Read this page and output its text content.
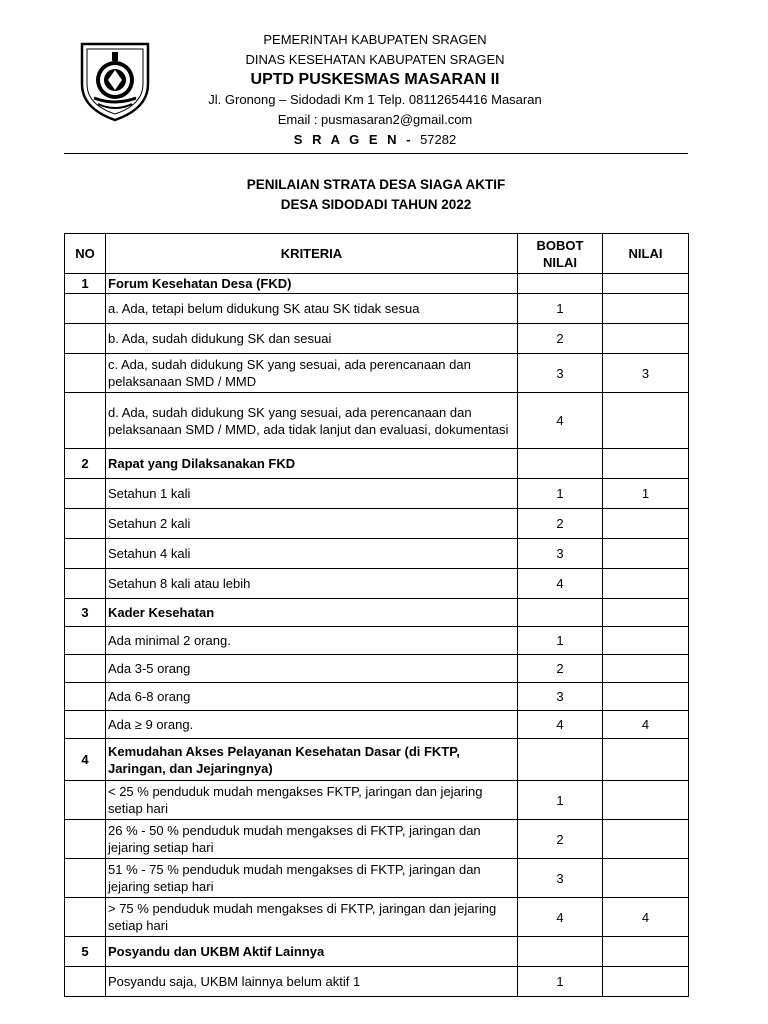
PEMERINTAH KABUPATEN SRAGEN
DINAS KESEHATAN KABUPATEN SRAGEN
UPTD PUSKESMAS MASARAN II
Jl. Gronong – Sidodadi Km 1 Telp. 08112654416 Masaran
Email : pusmasaran2@gmail.com
S R A G E N - 57282
PENILAIAN STRATA DESA SIAGA AKTIF
DESA SIDODADI TAHUN 2022
NO	KRITERIA	BOBOT NILAI	NILAI
1	Forum Kesehatan Desa (FKD)		
	a. Ada, tetapi belum didukung SK atau SK tidak sesua	1	
	b. Ada, sudah didukung SK dan sesuai	2	
	c. Ada, sudah didukung SK yang sesuai, ada perencanaan dan pelaksanaan SMD / MMD	3	3
	d. Ada, sudah didukung SK yang sesuai, ada perencanaan dan pelaksanaan SMD / MMD, ada tidak lanjut dan evaluasi, dokumentasi	4	
2	Rapat yang Dilaksanakan FKD		
	Setahun 1 kali	1	1
	Setahun 2 kali	2	
	Setahun 4 kali	3	
	Setahun 8 kali atau lebih	4	
3	Kader Kesehatan		
	Ada minimal 2 orang.	1	
	Ada 3-5 orang	2	
	Ada 6-8 orang	3	
	Ada ≥ 9 orang.	4	4
4	Kemudahan Akses Pelayanan Kesehatan Dasar (di FKTP, Jaringan, dan Jejaringnya)		
	< 25 % penduduk mudah mengakses FKTP, jaringan dan jejaring setiap hari	1	
	26 % - 50 % penduduk mudah mengakses di FKTP, jaringan dan jejaring setiap hari	2	
	51 % - 75 % penduduk mudah mengakses di FKTP, jaringan dan jejaring setiap hari	3	
	> 75 % penduduk mudah mengakses di FKTP, jaringan dan jejaring setiap hari	4	4
5	Posyandu dan UKBM Aktif Lainnya		
	Posyandu saja, UKBM lainnya belum aktif 1	1	
